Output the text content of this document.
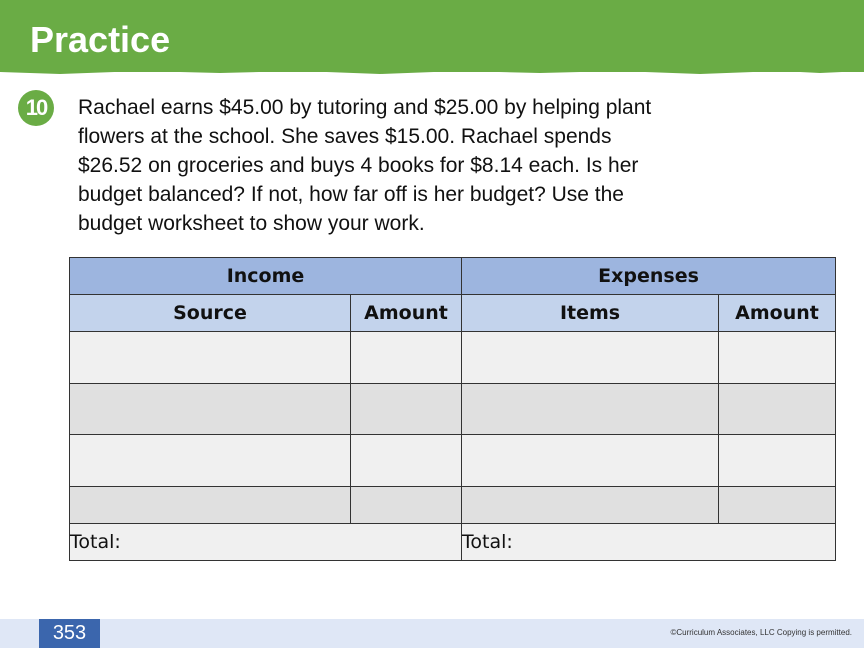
Practice
10	Rachael earns $45.00 by tutoring and $25.00 by helping plant
flowers at the school. She saves $15.00. Rachael spends
$26.52 on groceries and buys 4 books for $8.14 each. Is her
budget balanced? If not, how far off is her budget? Use the
budget worksheet to show your work.
Income		Expenses	
Source	Amount	Items	Amount

Total:		Total:	
353	©Curriculum Associates, LLC Copying is permitted.
